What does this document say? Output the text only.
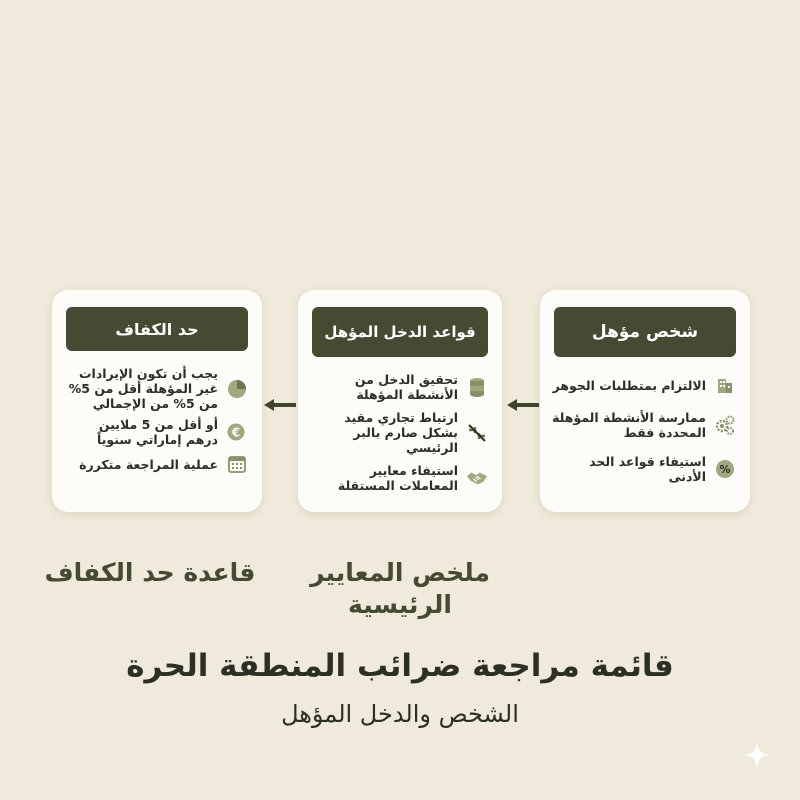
شخص مؤهل
الالتزام بمتطلبات الجوهر
ممارسة الأنشطة المؤهلة المحددة فقط
%
استيفاء قواعد الحد الأدنى
قواعد الدخل المؤهل
تحقيق الدخل من الأنشطة المؤهلة
ارتباط تجاري مقيد بشكل صارم بالبر الرئيسي
استيفاء معايير المعاملات المستقلة
حد الكفاف
يجب أن تكون الإيرادات غير المؤهلة أقل من 5% من 5% من الإجمالي
€
أو أقل من 5 ملايين درهم إماراتي سنوياً
عملية المراجعة متكررة
ملخص المعايير الرئيسية
قاعدة حد الكفاف
قائمة مراجعة ضرائب المنطقة الحرة
الشخص والدخل المؤهل
